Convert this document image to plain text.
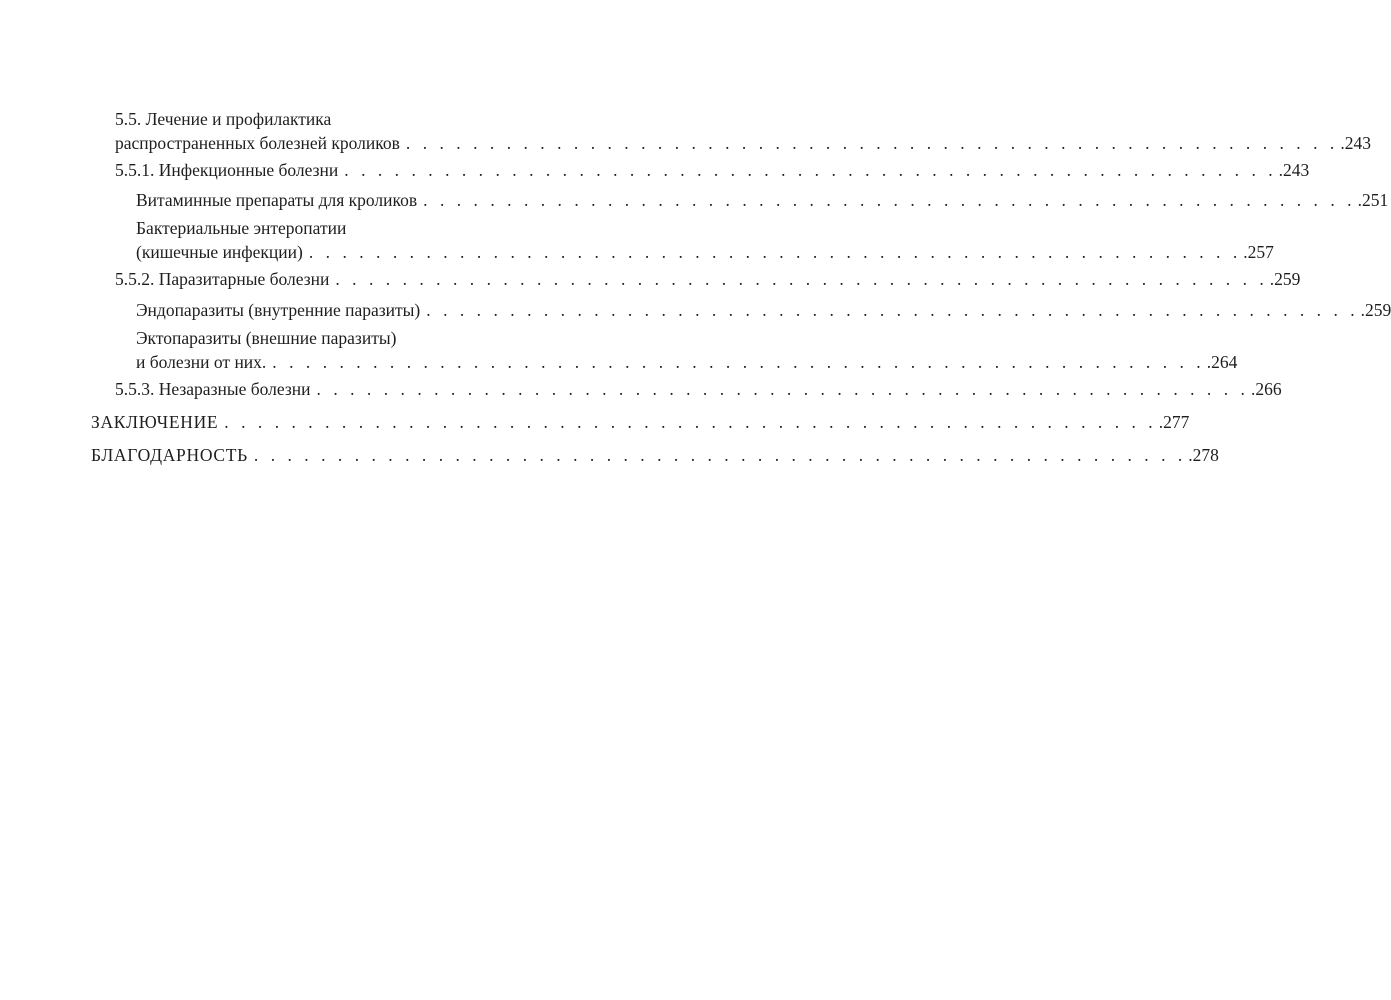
5.5. Лечение и профилактика
распространенных болезней кроликов . . . . . . . . . . . . . . . . . . . . . . . . . . . . . . . . . . . . . . . . . . . . . . . . . . . . . . . . .243
5.5.1. Инфекционные болезни . . . . . . . . . . . . . . . . . . . . . . . . . . . . . . . . . . . . . . . . . . . . . . . . . . . . . . . . .243
Витаминные препараты для кроликов . . . . . . . . . . . . . . . . . . . . . . . . . . . . . . . . . . . . . . . . . . . . . . . . . . . . . . . . .251
Бактериальные энтеропатии
(кишечные инфекции) . . . . . . . . . . . . . . . . . . . . . . . . . . . . . . . . . . . . . . . . . . . . . . . . . . . . . . . . .257
5.5.2. Паразитарные болезни . . . . . . . . . . . . . . . . . . . . . . . . . . . . . . . . . . . . . . . . . . . . . . . . . . . . . . . . .259
Эндопаразиты (внутренние паразиты) . . . . . . . . . . . . . . . . . . . . . . . . . . . . . . . . . . . . . . . . . . . . . . . . . . . . . . . . .259
Эктопаразиты (внешние паразиты)
и болезни от них. . . . . . . . . . . . . . . . . . . . . . . . . . . . . . . . . . . . . . . . . . . . . . . . . . . . . . . . . .264
5.5.3. Незаразные болезни . . . . . . . . . . . . . . . . . . . . . . . . . . . . . . . . . . . . . . . . . . . . . . . . . . . . . . . . .266
ЗАКЛЮЧЕНИЕ . . . . . . . . . . . . . . . . . . . . . . . . . . . . . . . . . . . . . . . . . . . . . . . . . . . . . . . . .277
БЛАГОДАРНОСТЬ . . . . . . . . . . . . . . . . . . . . . . . . . . . . . . . . . . . . . . . . . . . . . . . . . . . . . . . . .278
